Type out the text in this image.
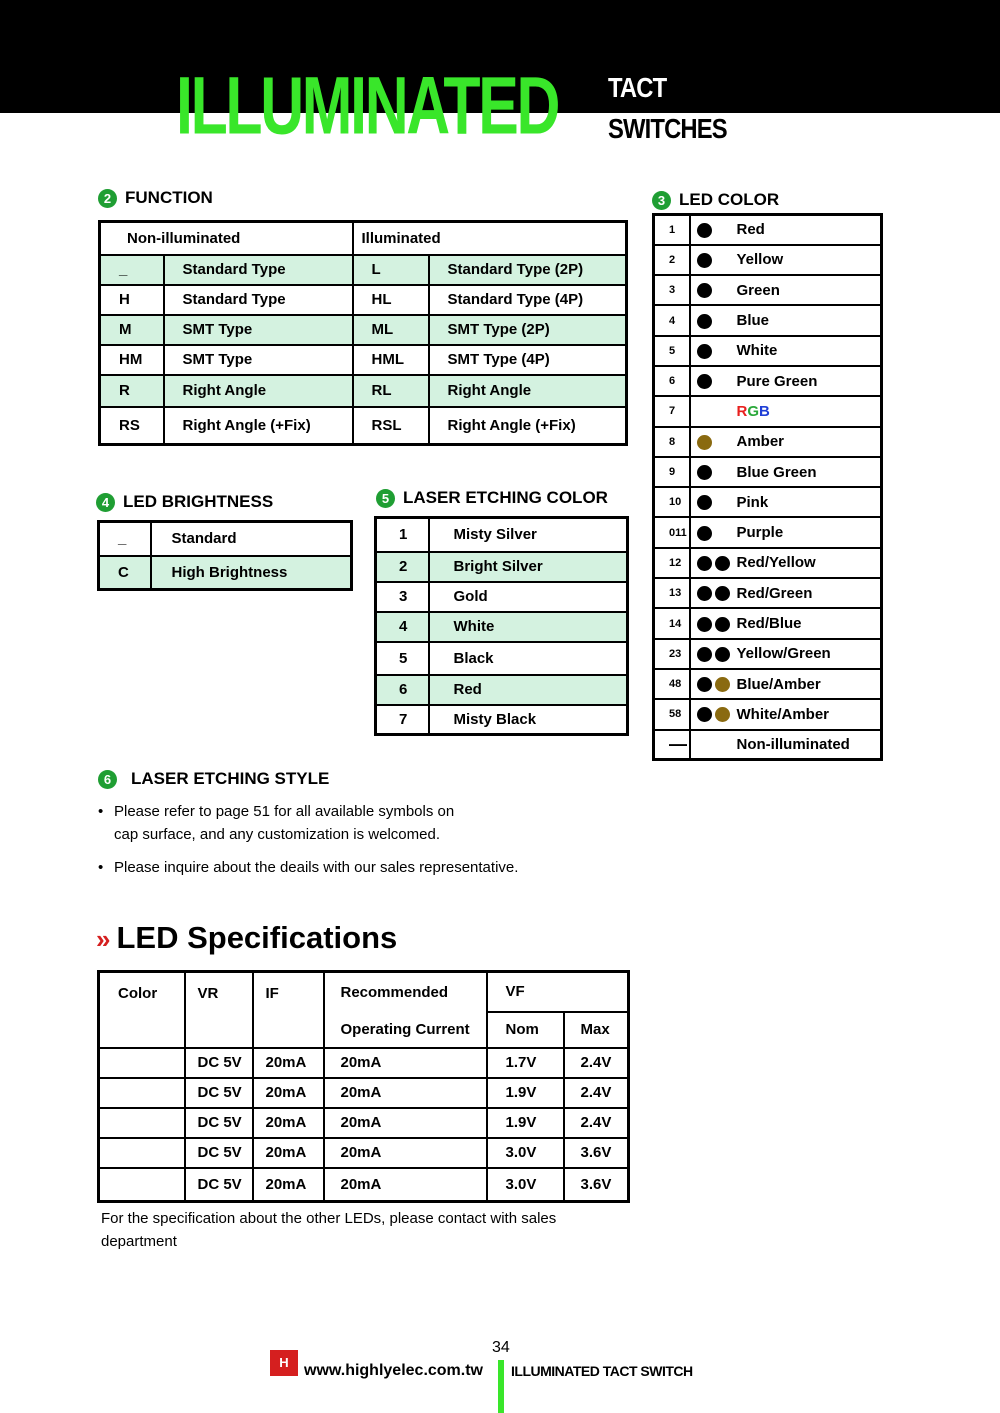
ILLUMINATED TACT
SWITCHES
2 FUNCTION
Non-illuminated		Illuminated	
_	Standard Type	L	Standard Type (2P)
H	Standard Type	HL	Standard Type (4P)
M	SMT Type	ML	SMT Type (2P)
HM	SMT Type	HML	SMT Type (4P)
R	Right Angle	RL	Right Angle
RS	Right Angle (+Fix)	RSL	Right Angle (+Fix)
3 LED COLOR
1	Red
2	Yellow
3	Green
4	Blue
5	White
6	Pure Green
7	RGB
8	Amber
9	Blue Green
10	Pink
011	Purple
12	Red/Yellow
13	Red/Green
14	Red/Blue
23	Yellow/Green
48	Blue/Amber
58	White/Amber
—	Non-illuminated
4 LED BRIGHTNESS
_	Standard
C	High Brightness
5 LASER ETCHING COLOR
1	Misty Silver
2	Bright Silver
3	Gold
4	White
5	Black
6	Red
7	Misty Black
6	LASER ETCHING STYLE
• Please refer to page 51 for all available symbols on
cap surface, and any customization is welcomed.
• Please inquire about the deails with our sales representative.
» LED Specifications
Color	VR	IF	Recommended	VF	
			Operating Current	Nom	Max
	DC 5V	20mA	20mA	1.7V	2.4V
	DC 5V	20mA	20mA	1.9V	2.4V
	DC 5V	20mA	20mA	1.9V	2.4V
	DC 5V	20mA	20mA	3.0V	3.6V
	DC 5V	20mA	20mA	3.0V	3.6V
For the specification about the other LEDs, please contact with sales
department
34
H www.highlyelec.com.tw ILLUMINATED TACT SWITCH
